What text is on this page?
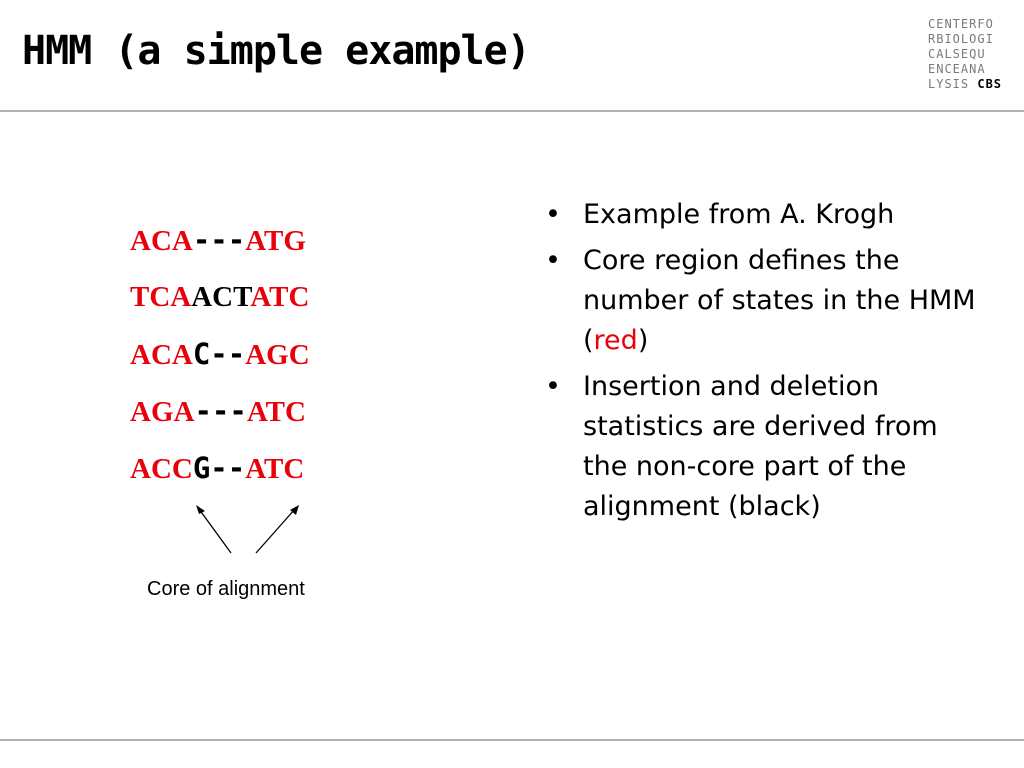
HMM (a simple example)
CENTERFO
RBIOLOGI
CALSEQU
ENCEANA
LYSIS CBS
ACA---ATG
TCAACTATC
ACAC--AGC
AGA---ATC
ACCG--ATC
Core of alignment
• Example from A. Krogh
• Core region defines the number of states in the HMM (red)
• Insertion and deletion statistics are derived from the non-core part of the alignment (black)
